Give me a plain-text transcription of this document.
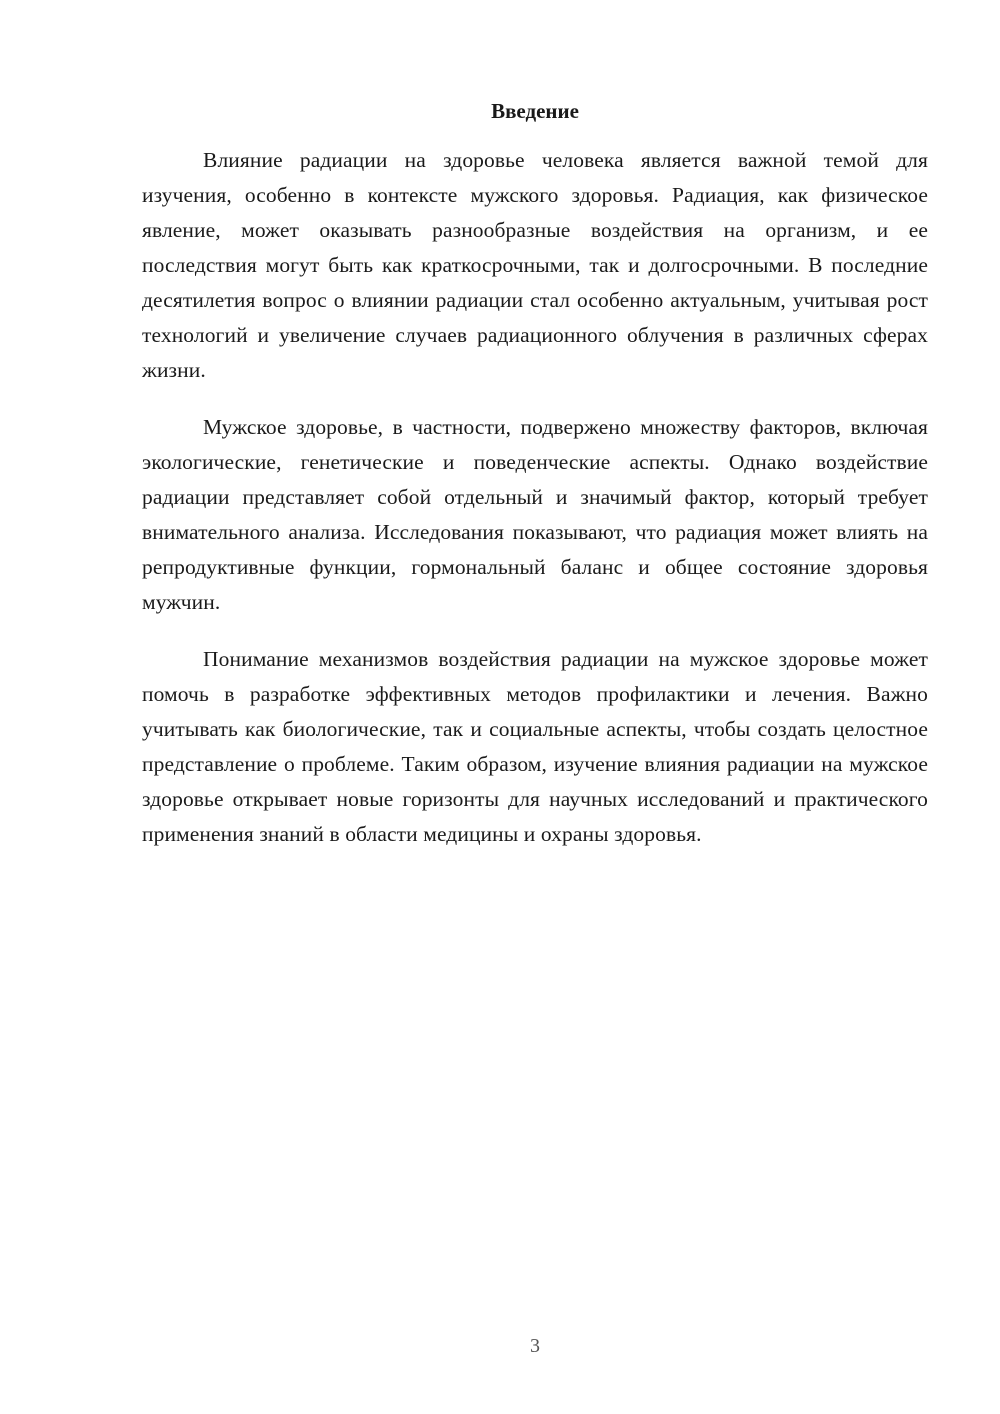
Введение

Влияние радиации на здоровье человека является важной темой для изучения, особенно в контексте мужского здоровья. Радиация, как физическое явление, может оказывать разнообразные воздействия на организм, и ее последствия могут быть как краткосрочными, так и долгосрочными. В последние десятилетия вопрос о влиянии радиации стал особенно актуальным, учитывая рост технологий и увеличение случаев радиационного облучения в различных сферах жизни.

Мужское здоровье, в частности, подвержено множеству факторов, включая экологические, генетические и поведенческие аспекты. Однако воздействие радиации представляет собой отдельный и значимый фактор, который требует внимательного анализа. Исследования показывают, что радиация может влиять на репродуктивные функции, гормональный баланс и общее состояние здоровья мужчин.

Понимание механизмов воздействия радиации на мужское здоровье может помочь в разработке эффективных методов профилактики и лечения. Важно учитывать как биологические, так и социальные аспекты, чтобы создать целостное представление о проблеме. Таким образом, изучение влияния радиации на мужское здоровье открывает новые горизонты для научных исследований и практического применения знаний в области медицины и охраны здоровья.

3
